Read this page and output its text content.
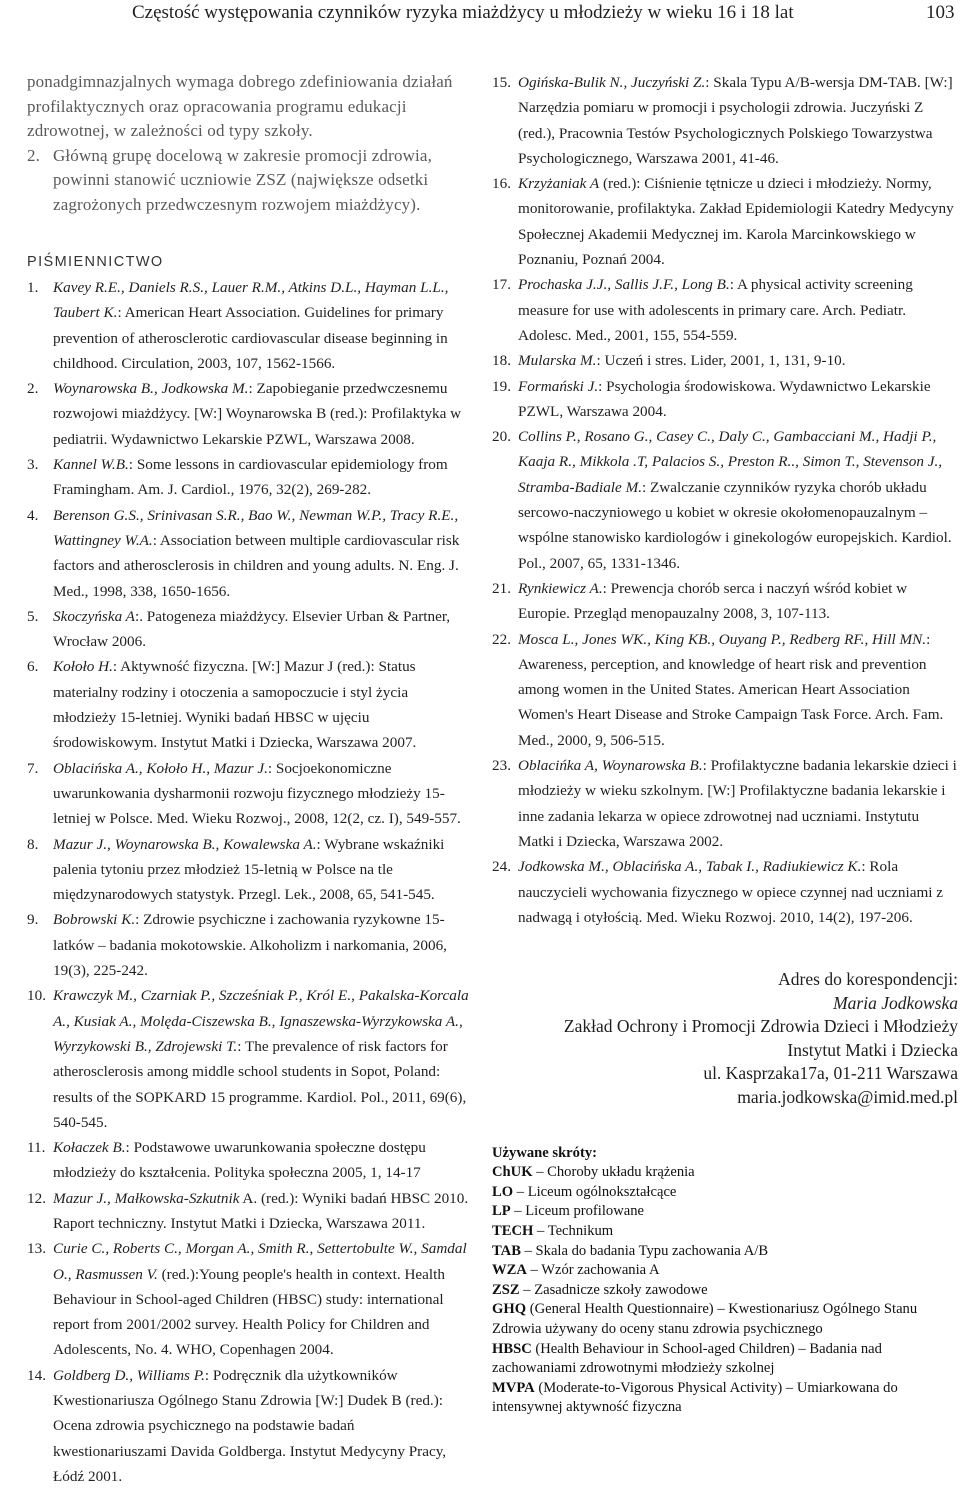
Częstość występowania czynników ryzyka miażdżycy u młodzieży w wieku 16 i 18 lat	103

ponadgimnazjalnych wymaga dobrego zdefiniowania działań profilaktycznych oraz opracowania programu edukacji zdrowotnej, w zależności od typy szkoły.

2. Główną grupę docelową w zakresie promocji zdrowia, powinni stanowić uczniowie ZSZ (największe odsetki zagrożonych przedwczesnym rozwojem miażdżycy).
PIŚMIENNICTWO
1. Kavey R.E., Daniels R.S., Lauer R.M., Atkins D.L., Hayman L.L., Taubert K.: American Heart Association. Guidelines for primary prevention of atherosclerotic cardiovascular disease beginning in childhood. Circulation, 2003, 107, 1562-1566.
2. Woynarowska B., Jodkowska M.: Zapobieganie przedwczesnemu rozwojowi miażdżycy. [W:] Woynarowska B (red.): Profilaktyka w pediatrii. Wydawnictwo Lekarskie PZWL, Warszawa 2008.
3. Kannel W.B.: Some lessons in cardiovascular epidemiology from Framingham. Am. J. Cardiol., 1976, 32(2), 269-282.
4. Berenson G.S., Srinivasan S.R., Bao W., Newman W.P., Tracy R.E., Wattingney W.A.: Association between multiple cardiovascular risk factors and atherosclerosis in children and young adults. N. Eng. J. Med., 1998, 338, 1650-1656.
5. Skoczyńska A:. Patogeneza miażdżycy. Elsevier Urban & Partner, Wrocław 2006.
6. Kołoło H.: Aktywność fizyczna. [W:] Mazur J (red.): Status materialny rodziny i otoczenia a samopoczucie i styl życia młodzieży 15-letniej. Wyniki badań HBSC w ujęciu środowiskowym. Instytut Matki i Dziecka, Warszawa 2007.
7. Oblacińska A., Kołoło H., Mazur J.: Socjoekonomiczne uwarunkowania dysharmonii rozwoju fizycznego młodzieży 15-letniej w Polsce. Med. Wieku Rozwoj., 2008, 12(2, cz. I), 549-557.
8. Mazur J., Woynarowska B., Kowalewska A.: Wybrane wskaźniki palenia tytoniu przez młodzież 15-letnią w Polsce na tle międzynarodowych statystyk. Przegl. Lek., 2008, 65, 541-545.
9. Bobrowski K.: Zdrowie psychiczne i zachowania ryzykowne 15-latków – badania mokotowskie. Alkoholizm i narkomania, 2006, 19(3), 225-242.
10. Krawczyk M., Czarniak P., Szcześniak P., Król E., Pakalska-Korcala A., Kusiak A., Molęda-Ciszewska B., Ignaszewska-Wyrzykowska A., Wyrzykowski B., Zdrojewski T.: The prevalence of risk factors for atherosclerosis among middle school students in Sopot, Poland: results of the SOPKARD 15 programme. Kardiol. Pol., 2011, 69(6), 540-545.
11. Kołaczek B.: Podstawowe uwarunkowania społeczne dostępu młodzieży do kształcenia. Polityka społeczna 2005, 1, 14-17
12. Mazur J., Małkowska-Szkutnik A. (red.): Wyniki badań HBSC 2010. Raport techniczny. Instytut Matki i Dziecka, Warszawa 2011.
13. Curie C., Roberts C., Morgan A., Smith R., Settertobulte W., Samdal O., Rasmussen V. (red.):Young people's health in context. Health Behaviour in School-aged Children (HBSC) study: international report from 2001/2002 survey. Health Policy for Children and Adolescents, No. 4. WHO, Copenhagen 2004.
14. Goldberg D., Williams P.: Podręcznik dla użytkowników Kwestionariusza Ogólnego Stanu Zdrowia [W:] Dudek B (red.): Ocena zdrowia psychicznego na podstawie badań kwestionariuszami Davida Goldberga. Instytut Medycyny Pracy, Łódź 2001.
15. Ogińska-Bulik N., Juczyński Z.: Skala Typu A/B-wersja DM-TAB. [W:] Narzędzia pomiaru w promocji i psychologii zdrowia. Juczyński Z (red.), Pracownia Testów Psychologicznych Polskiego Towarzystwa Psychologicznego, Warszawa 2001, 41-46.
16. Krzyżaniak A (red.): Ciśnienie tętnicze u dzieci i młodzieży. Normy, monitorowanie, profilaktyka. Zakład Epidemiologii Katedry Medycyny Społecznej Akademii Medycznej im. Karola Marcinkowskiego w Poznaniu, Poznań 2004.
17. Prochaska J.J., Sallis J.F., Long B.: A physical activity screening measure for use with adolescents in primary care. Arch. Pediatr. Adolesc. Med., 2001, 155, 554-559.
18. Mularska M.: Uczeń i stres. Lider, 2001, 1, 131, 9-10.
19. Formański J.: Psychologia środowiskowa. Wydawnictwo Lekarskie PZWL, Warszawa 2004.
20. Collins P., Rosano G., Casey C., Daly C., Gambacciani M., Hadji P., Kaaja R., Mikkola .T, Palacios S., Preston R.., Simon T., Stevenson J., Stramba-Badiale M.: Zwalczanie czynników ryzyka chorób układu sercowo-naczyniowego u kobiet w okresie okołomenopauzalnym – wspólne stanowisko kardiologów i ginekologów europejskich. Kardiol. Pol., 2007, 65, 1331-1346.
21. Rynkiewicz A.: Prewencja chorób serca i naczyń wśród kobiet w Europie. Przegląd menopauzalny 2008, 3, 107-113.
22. Mosca L., Jones WK., King KB., Ouyang P., Redberg RF., Hill MN.: Awareness, perception, and knowledge of heart risk and prevention among women in the United States. American Heart Association Women's Heart Disease and Stroke Campaign Task Force. Arch. Fam. Med., 2000, 9, 506-515.
23. Oblacińka A, Woynarowska B.: Profilaktyczne badania lekarskie dzieci i młodzieży w wieku szkolnym. [W:] Profilaktyczne badania lekarskie i inne zadania lekarza w opiece zdrowotnej nad uczniami. Instytutu Matki i Dziecka, Warszawa 2002.
24. Jodkowska M., Oblacińska A., Tabak I., Radiukiewicz K.: Rola nauczycieli wychowania fizycznego w opiece czynnej nad uczniami z nadwagą i otyłością. Med. Wieku Rozwoj. 2010, 14(2), 197-206.
Adres do korespondencji:
Maria Jodkowska
Zakład Ochrony i Promocji Zdrowia Dzieci i Młodzieży
Instytut Matki i Dziecka
ul. Kasprzaka17a, 01-211 Warszawa
maria.jodkowska@imid.med.pl
Używane skróty:
ChUK – Choroby układu krążenia
LO – Liceum ogólnokształcące
LP – Liceum profilowane
TECH – Technikum
TAB – Skala do badania Typu zachowania A/B
WZA – Wzór zachowania A
ZSZ – Zasadnicze szkoły zawodowe
GHQ (General Health Questionnaire) – Kwestionariusz Ogólnego Stanu Zdrowia używany do oceny stanu zdrowia psychicznego
HBSC (Health Behaviour in School-aged Children) – Badania nad zachowaniami zdrowotnymi młodzieży szkolnej
MVPA (Moderate-to-Vigorous Physical Activity) – Umiarkowana do intensywnej aktywność fizyczna
